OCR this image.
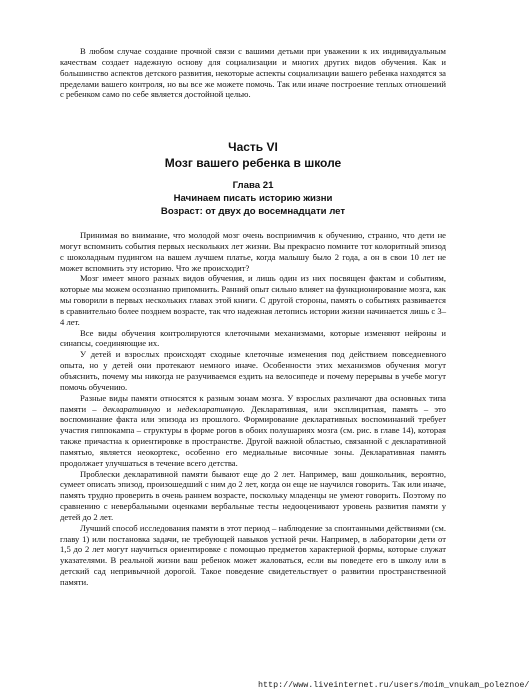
В любом случае создание прочной связи с вашими детьми при уважении к их индивидуальным качествам создает надежную основу для социализации и многих других видов обучения. Как и большинство аспектов детского развития, некоторые аспекты социализации вашего ребенка находятся за пределами вашего контроля, но вы все же можете помочь. Так или иначе построение теплых отношений с ребенком само по себе является достойной целью.

Часть VI
Мозг вашего ребенка в школе
Глава 21
Начинаем писать историю жизни
Возраст: от двух до восемнадцати лет

Принимая во внимание, что молодой мозг очень восприимчив к обучению, странно, что дети не могут вспомнить события первых нескольких лет жизни. Вы прекрасно помните тот колоритный эпизод с шоколадным пудингом на вашем лучшем платье, когда малышу было 2 года, а он в свои 10 лет не может вспомнить эту историю. Что же происходит?

Мозг имеет много разных видов обучения, и лишь один из них посвящен фактам и событиям, которые мы можем осознанно припомнить. Ранний опыт сильно влияет на функционирование мозга, как мы говорили в первых нескольких главах этой книги. С другой стороны, память о событиях развивается в сравнительно более позднем возрасте, так что надежная летопись истории жизни начинается лишь с 3–4 лет.

Все виды обучения контролируются клеточными механизмами, которые изменяют нейроны и синапсы, соединяющие их.

У детей и взрослых происходят сходные клеточные изменения под действием повседневного опыта, но у детей они протекают немного иначе. Особенности этих механизмов обучения могут объяснить, почему мы никогда не разучиваемся ездить на велосипеде и почему перерывы в учебе могут помочь обучению.

Разные виды памяти относятся к разным зонам мозга. У взрослых различают два основных типа памяти – декларативную и недекларативную. Декларативная, или эксплицитная, память – это воспоминание факта или эпизода из прошлого. Формирование декларативных воспоминаний требует участия гиппокампа – структуры в форме рогов в обоих полушариях мозга (см. рис. в главе 14), которая также причастна к ориентировке в пространстве. Другой важной областью, связанной с декларативной памятью, является неокортекс, особенно его медиальные височные зоны. Декларативная память продолжает улучшаться в течение всего детства.

Проблески декларативной памяти бывают еще до 2 лет. Например, ваш дошкольник, вероятно, сумеет описать эпизод, произошедший с ним до 2 лет, когда он еще не научился говорить. Так или иначе, память трудно проверить в очень раннем возрасте, поскольку младенцы не умеют говорить. Поэтому по сравнению с невербальными оценками вербальные тесты недооценивают уровень развития памяти у детей до 2 лет.

Лучший способ исследования памяти в этот период – наблюдение за спонтанными действиями (см. главу 1) или постановка задачи, не требующей навыков устной речи. Например, в лаборатории дети от 1,5 до 2 лет могут научиться ориентировке с помощью предметов характерной формы, которые служат указателями. В реальной жизни ваш ребенок может жаловаться, если вы поведете его в школу или в детский сад непривычной дорогой. Такое поведение свидетельствует о развитии пространственной памяти.

http://www.liveinternet.ru/users/moim_vnukam_poleznoe/
